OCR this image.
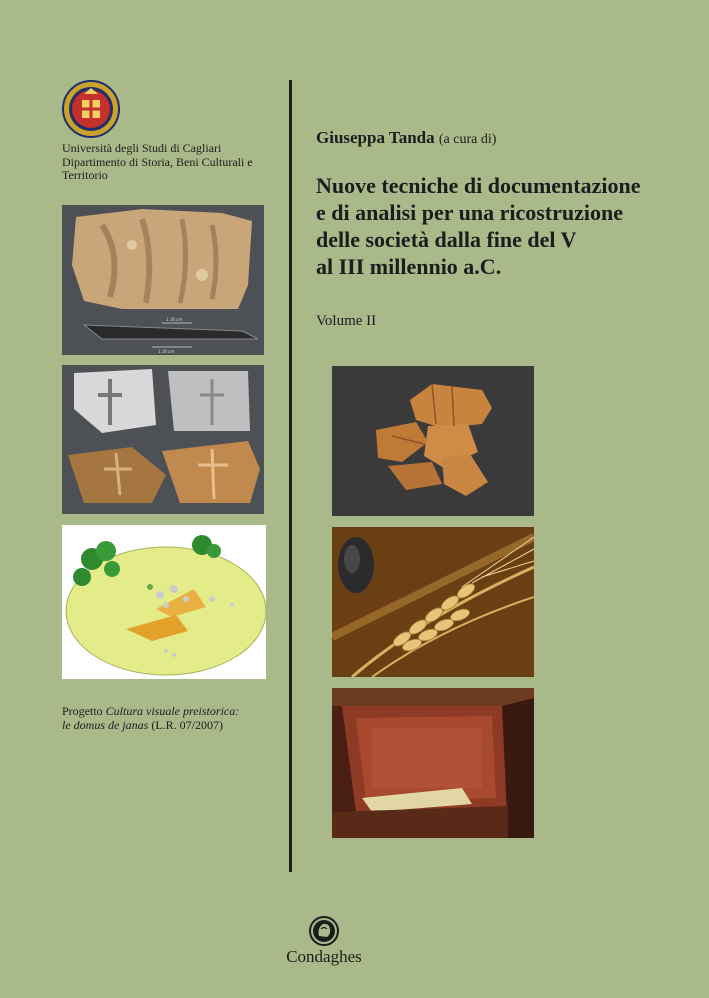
Università degli Studi di Cagliari
Dipartimento di Storia, Beni Culturali e
Territorio
1.16 cm
1.16 cm
Progetto Cultura visuale preistorica:
le domus de janas (L.R. 07/2007)
Giuseppa Tanda (a cura di)
Nuove tecniche di documentazione
e di analisi per una ricostruzione
delle società dalla fine del V
al III millennio a.C.
Volume II
Condaghes
